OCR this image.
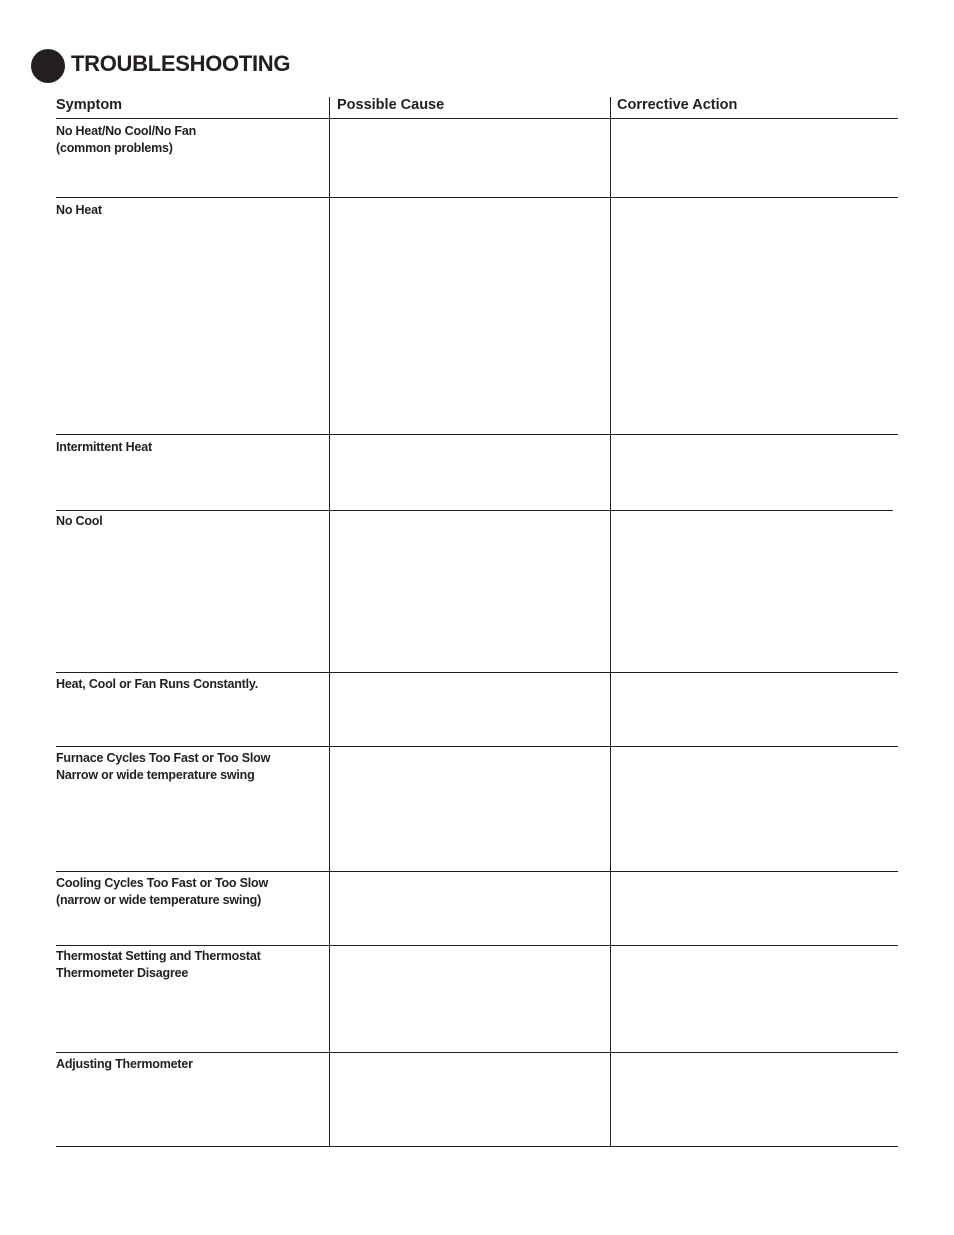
TROUBLESHOOTING
Symptom	Possible Cause	Corrective Action
No Heat/No Cool/No Fan
(common problems)
No Heat
Intermittent Heat
No Cool
Heat, Cool or Fan Runs Constantly.
Furnace Cycles Too Fast or Too Slow
Narrow or wide temperature swing
Cooling Cycles Too Fast or Too Slow
(narrow or wide temperature swing)
Thermostat Setting and Thermostat
Thermometer Disagree
Adjusting Thermometer
